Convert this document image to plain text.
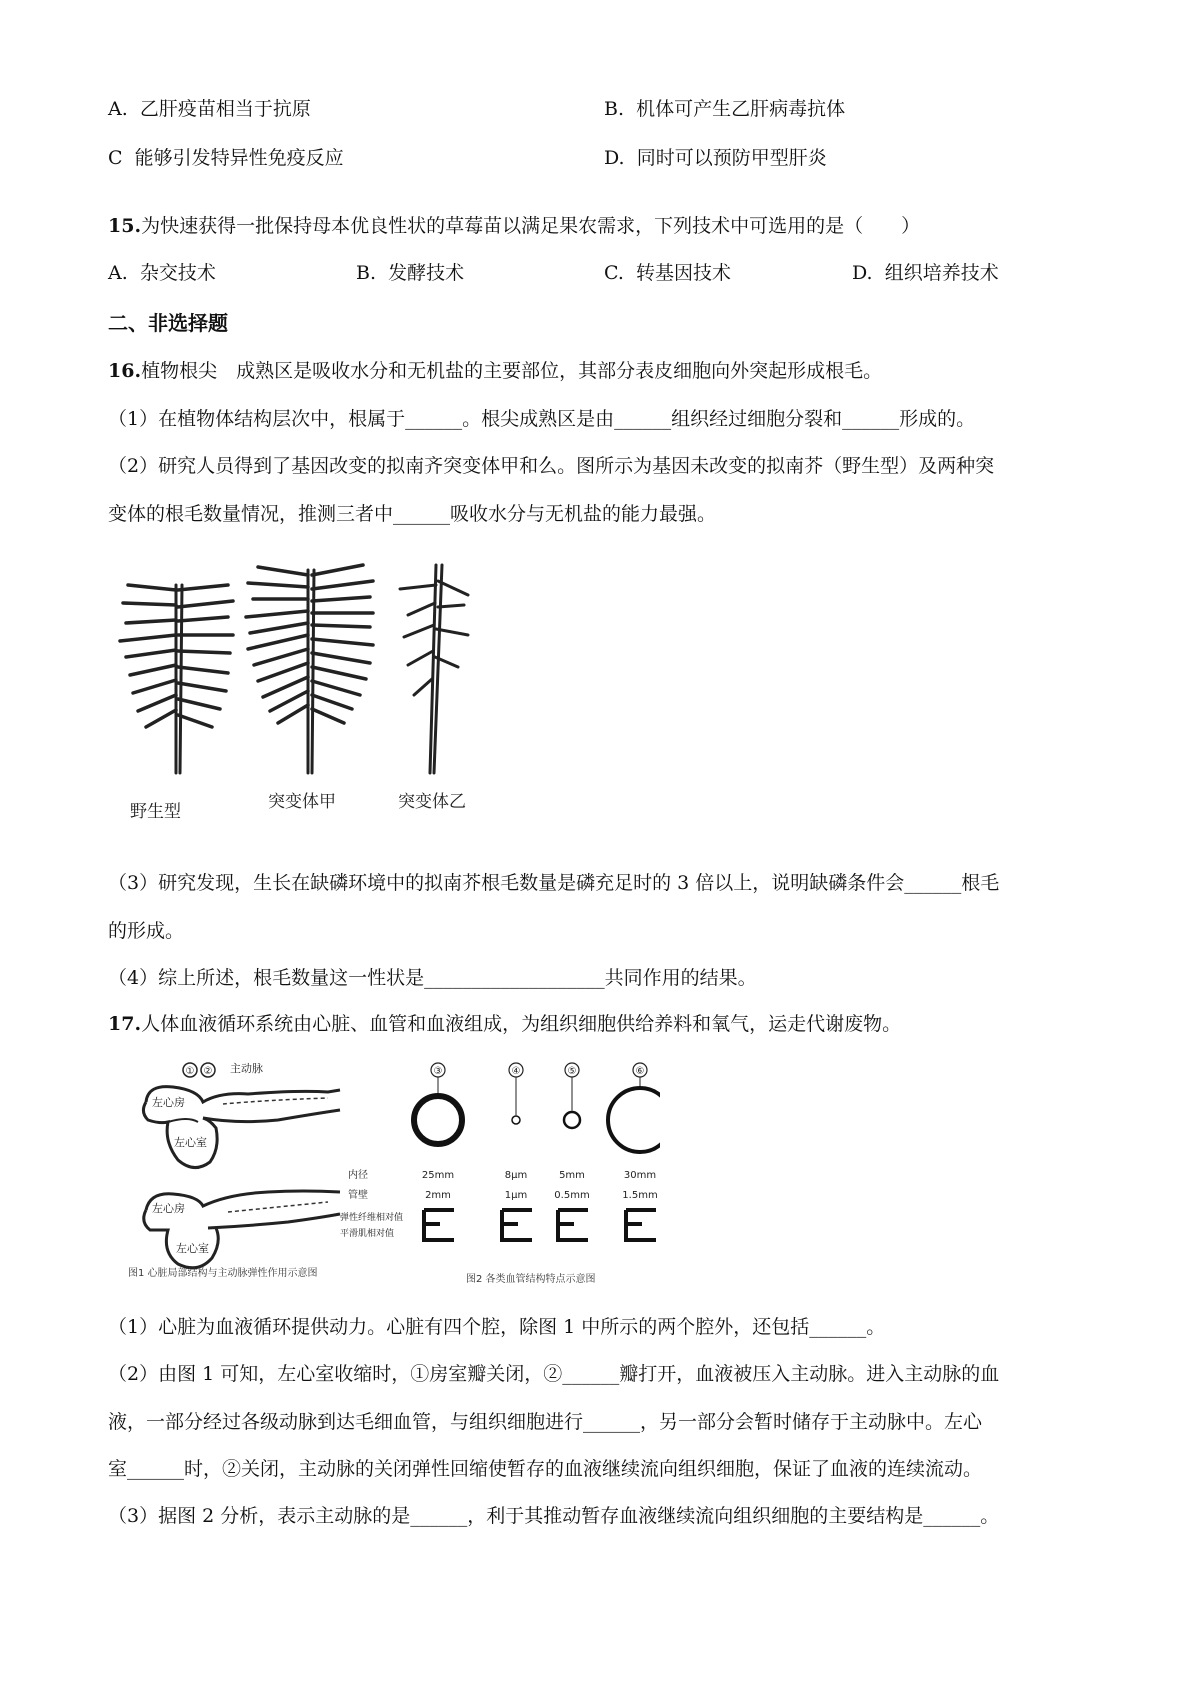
A. 乙肝疫苗相当于抗原	B. 机体可产生乙肝病毒抗体
C 能够引发特异性免疫反应	D. 同时可以预防甲型肝炎
15.为快速获得一批保持母本优良性状的草莓苗以满足果农需求，下列技术中可选用的是（　　）
A. 杂交技术	B. 发酵技术	C. 转基因技术	D. 组织培养技术
二、非选择题
16.植物根尖　成熟区是吸收水分和无机盐的主要部位，其部分表皮细胞向外突起形成根毛。
（1）在植物体结构层次中，根属于______。根尖成熟区是由______组织经过细胞分裂和______形成的。
（2）研究人员得到了基因改变的拟南齐突变体甲和么。图所示为基因未改变的拟南芥（野生型）及两种突
变体的根毛数量情况，推测三者中______吸收水分与无机盐的能力最强。
野生型	突变体甲	突变体乙
（3）研究发现，生长在缺磷环境中的拟南芥根毛数量是磷充足时的 3 倍以上，说明缺磷条件会______根毛
的形成。
（4）综上所述，根毛数量这一性状是___________________共同作用的结果。
17.人体血液循环系统由心脏、血管和血液组成，为组织细胞供给养料和氧气，运走代谢废物。
① ② 主动脉
左心房
左心室
左心房
左心室
图1 心脏局部结构与主动脉弹性作用示意图
③
25mm
2mm
④
8μm
1μm
⑤
5mm
0.5mm
⑥
30mm
1.5mm
内径
管壁
弹性纤维相对值
平滑肌相对值
图2 各类血管结构特点示意图
（1）心脏为血液循环提供动力。心脏有四个腔，除图 1 中所示的两个腔外，还包括______。
（2）由图 1 可知，左心室收缩时，①房室瓣关闭，②______瓣打开，血液被压入主动脉。进入主动脉的血
液，一部分经过各级动脉到达毛细血管，与组织细胞进行______，另一部分会暂时储存于主动脉中。左心
室______时，②关闭，主动脉的关闭弹性回缩使暂存的血液继续流向组织细胞，保证了血液的连续流动。
（3）据图 2 分析，表示主动脉的是______，利于其推动暂存血液继续流向组织细胞的主要结构是______。
